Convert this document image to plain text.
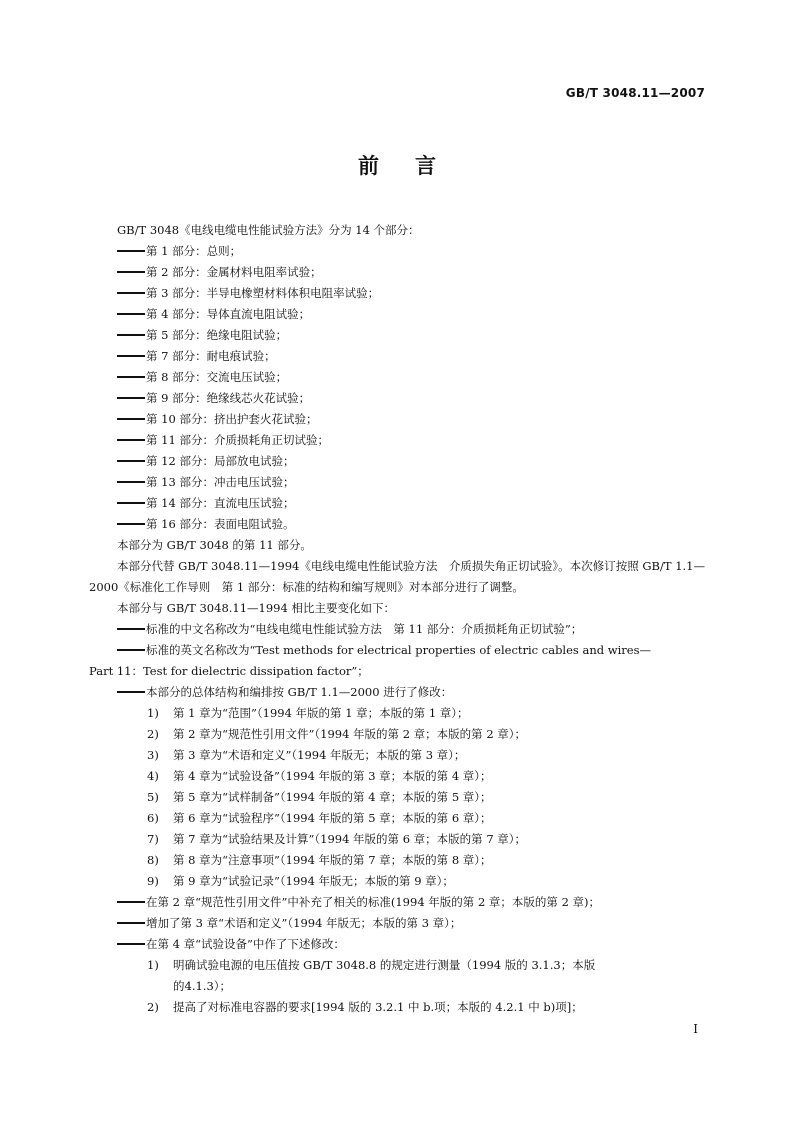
GB/T 3048.11—2007
前言
GB/T 3048《电线电缆电性能试验方法》分为 14 个部分：
第 1 部分：总则；
第 2 部分：金属材料电阻率试验；
第 3 部分：半导电橡塑材料体积电阻率试验；
第 4 部分：导体直流电阻试验；
第 5 部分：绝缘电阻试验；
第 7 部分：耐电痕试验；
第 8 部分：交流电压试验；
第 9 部分：绝缘线芯火花试验；
第 10 部分：挤出护套火花试验；
第 11 部分：介质损耗角正切试验；
第 12 部分：局部放电试验；
第 13 部分：冲击电压试验；
第 14 部分：直流电压试验；
第 16 部分：表面电阻试验。
本部分为 GB/T 3048 的第 11 部分。
本部分代替 GB/T 3048.11—1994《电线电缆电性能试验方法　介质损失角正切试验》。本次修订按照 GB/T 1.1—2000《标准化工作导则　第 1 部分：标准的结构和编写规则》对本部分进行了调整。
本部分与 GB/T 3048.11—1994 相比主要变化如下：
标准的中文名称改为“电线电缆电性能试验方法　第 11 部分：介质损耗角正切试验”；
标准的英文名称改为“Test methods for electrical properties of electric cables and wires—
Part 11：Test for dielectric dissipation factor”；
本部分的总体结构和编排按 GB/T 1.1—2000 进行了修改：
1) 第 1 章为“范围”（1994 年版的第 1 章；本版的第 1 章）；
2) 第 2 章为“规范性引用文件”（1994 年版的第 2 章；本版的第 2 章）；
3) 第 3 章为“术语和定义”（1994 年版无；本版的第 3 章）；
4) 第 4 章为“试验设备”（1994 年版的第 3 章；本版的第 4 章）；
5) 第 5 章为“试样制备”（1994 年版的第 4 章；本版的第 5 章）；
6) 第 6 章为“试验程序”（1994 年版的第 5 章；本版的第 6 章）；
7) 第 7 章为“试验结果及计算”（1994 年版的第 6 章；本版的第 7 章）；
8) 第 8 章为“注意事项”（1994 年版的第 7 章；本版的第 8 章）；
9) 第 9 章为“试验记录”（1994 年版无；本版的第 9 章）；
在第 2 章“规范性引用文件”中补充了相关的标准(1994 年版的第 2 章；本版的第 2 章)；
增加了第 3 章“术语和定义”（1994 年版无；本版的第 3 章）；
在第 4 章“试验设备”中作了下述修改：
1) 明确试验电源的电压值按 GB/T 3048.8 的规定进行测量（1994 版的 3.1.3；本版
的4.1.3）；
2) 提高了对标准电容器的要求[1994 版的 3.2.1 中 b.项；本版的 4.2.1 中 b)项]；
I
